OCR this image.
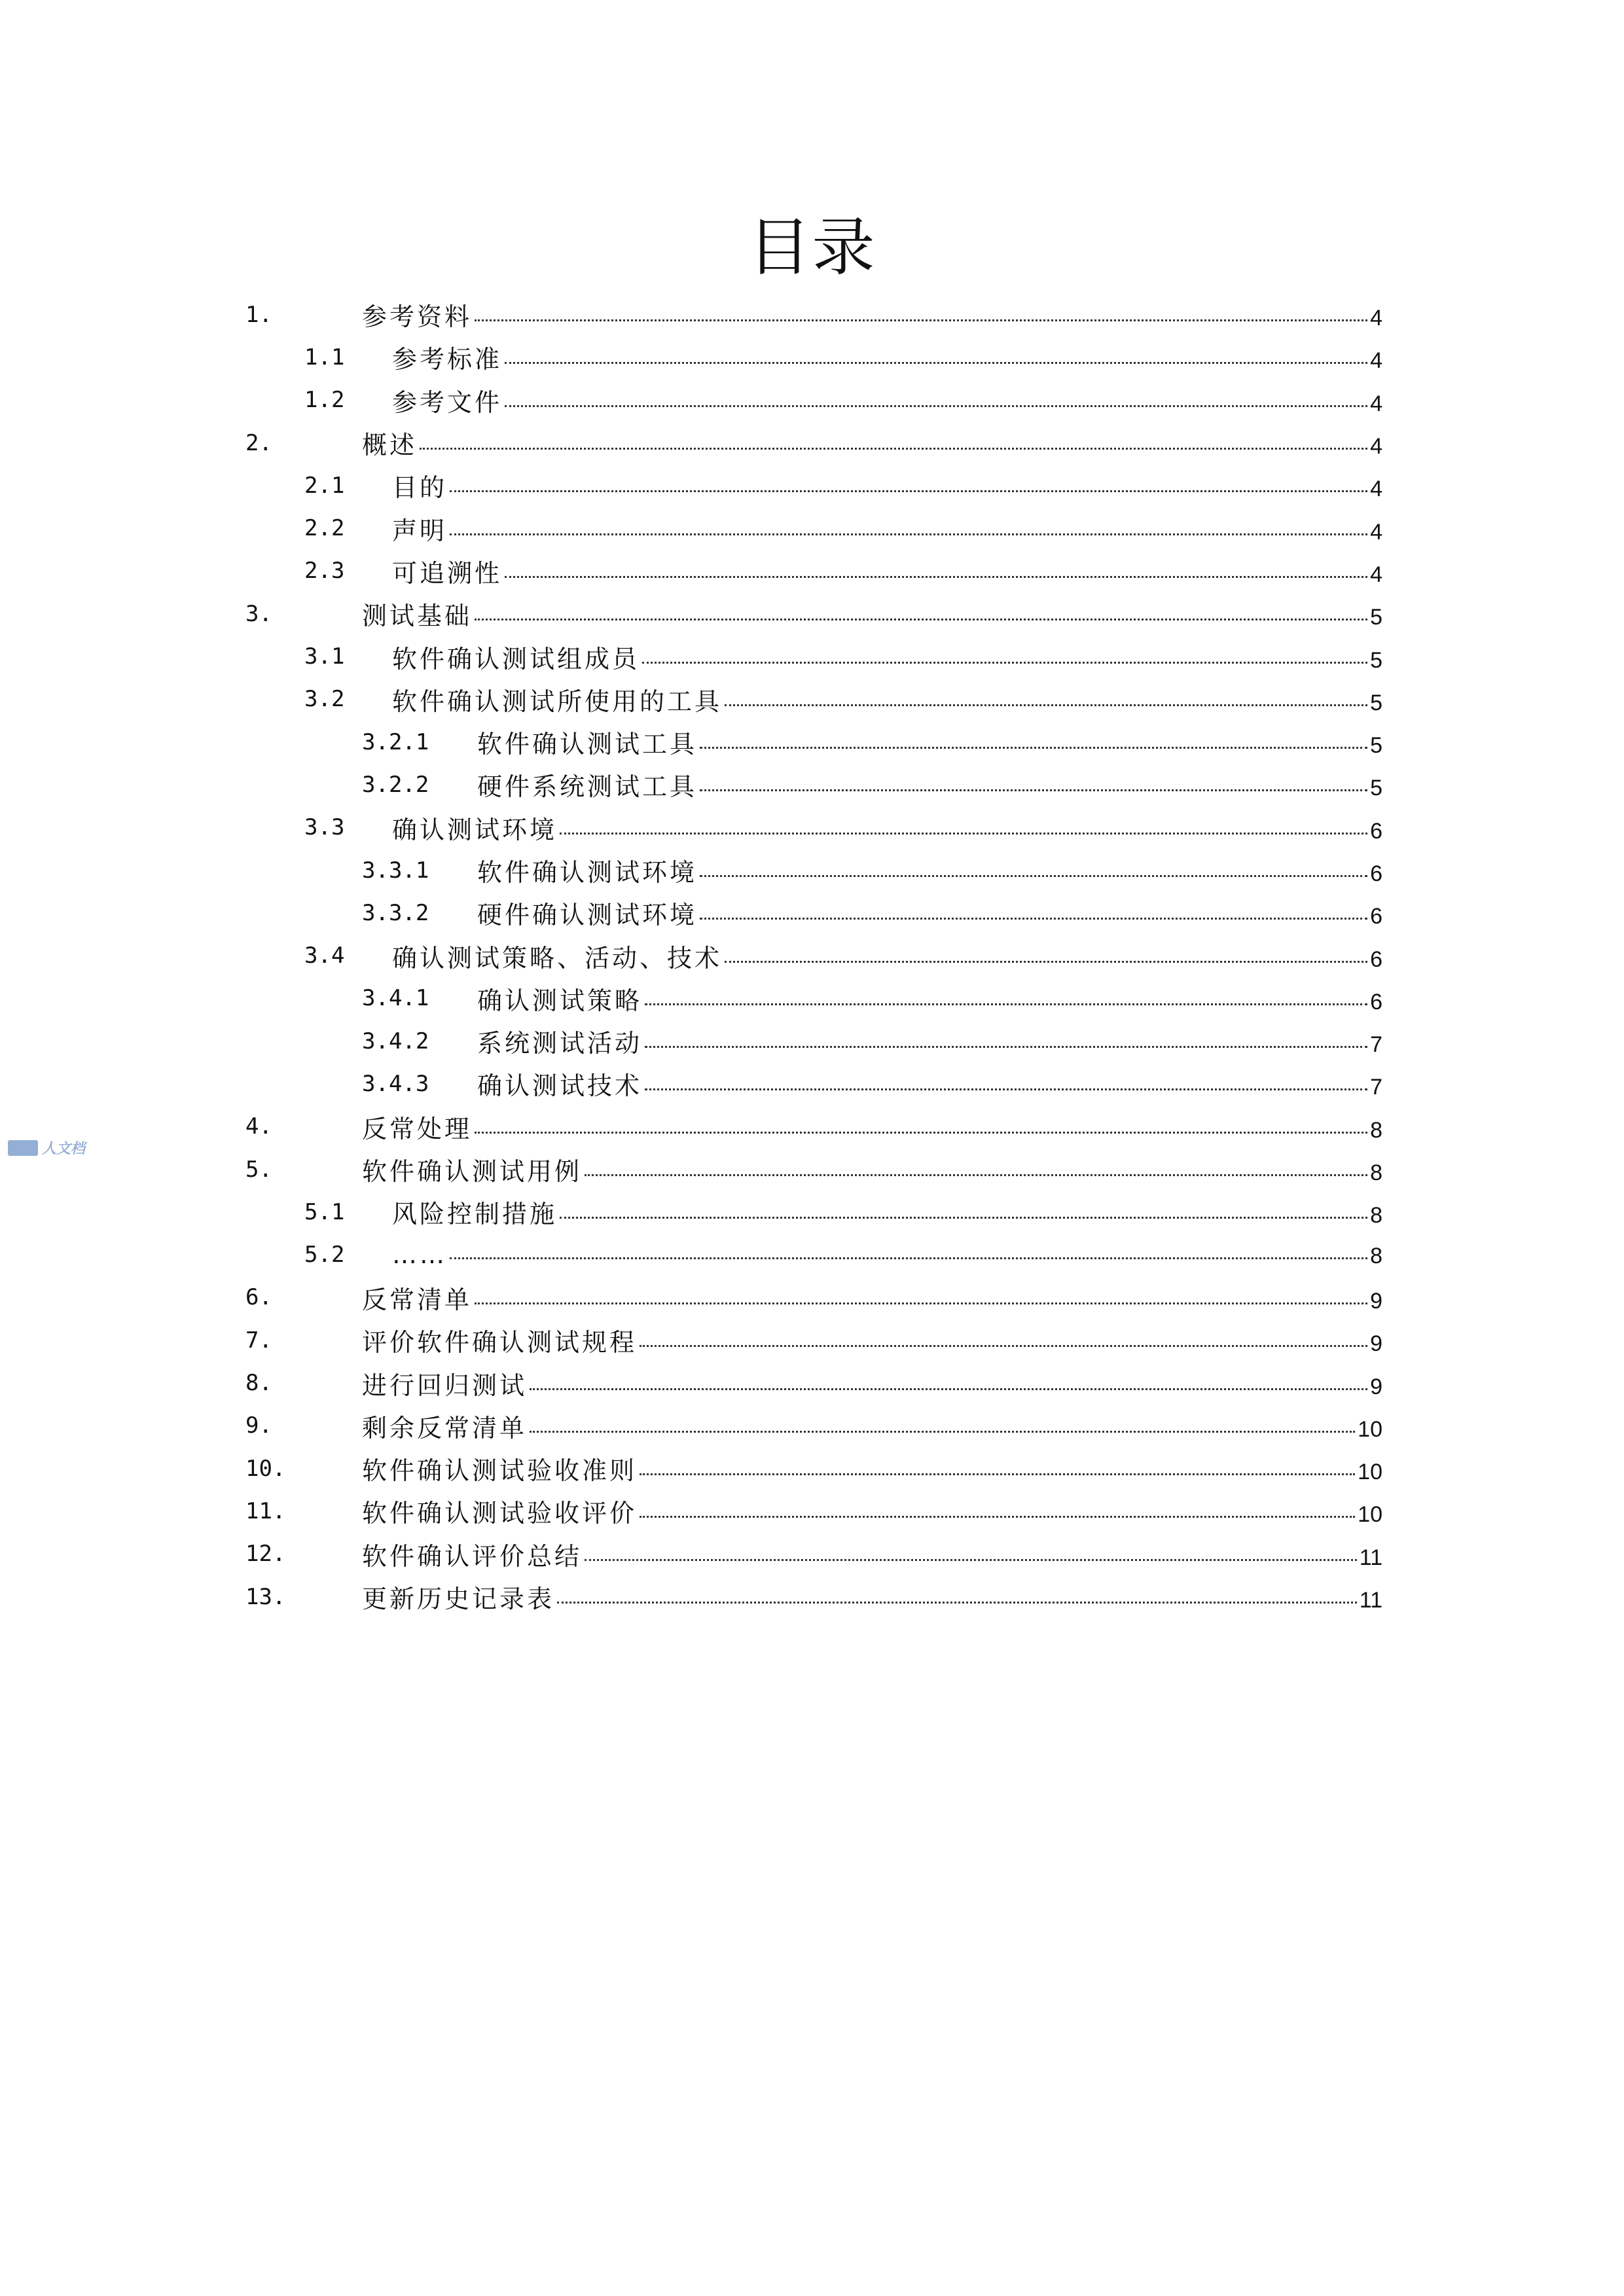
目录
1.	参考资料	4
1.1 参考标准	4
1.2 参考文件	4
2.	概述	4
2.1 目的	4
2.2 声明	4
2.3 可追溯性	4
3.	测试基础	5
3.1 软件确认测试组成员	5
3.2 软件确认测试所使用的工具	5
3.2.1 软件确认测试工具	5
3.2.2 硬件系统测试工具	5
3.3 确认测试环境	6
3.3.1 软件确认测试环境	6
3.3.2 硬件确认测试环境	6
3.4 确认测试策略、活动、技术	6
3.4.1 确认测试策略	6
3.4.2 系统测试活动	7
3.4.3 确认测试技术	7
4.	反常处理	8
5.	软件确认测试用例	8
5.1 风险控制措施	8
5.2 ……	8
6.	反常清单	9
7.	评价软件确认测试规程	9
8.	进行回归测试	9
9.	剩余反常清单	10
10.	软件确认测试验收准则	10
11.	软件确认测试验收评价	10
12.	软件确认评价总结	11
13.	更新历史记录表	11
人文档
